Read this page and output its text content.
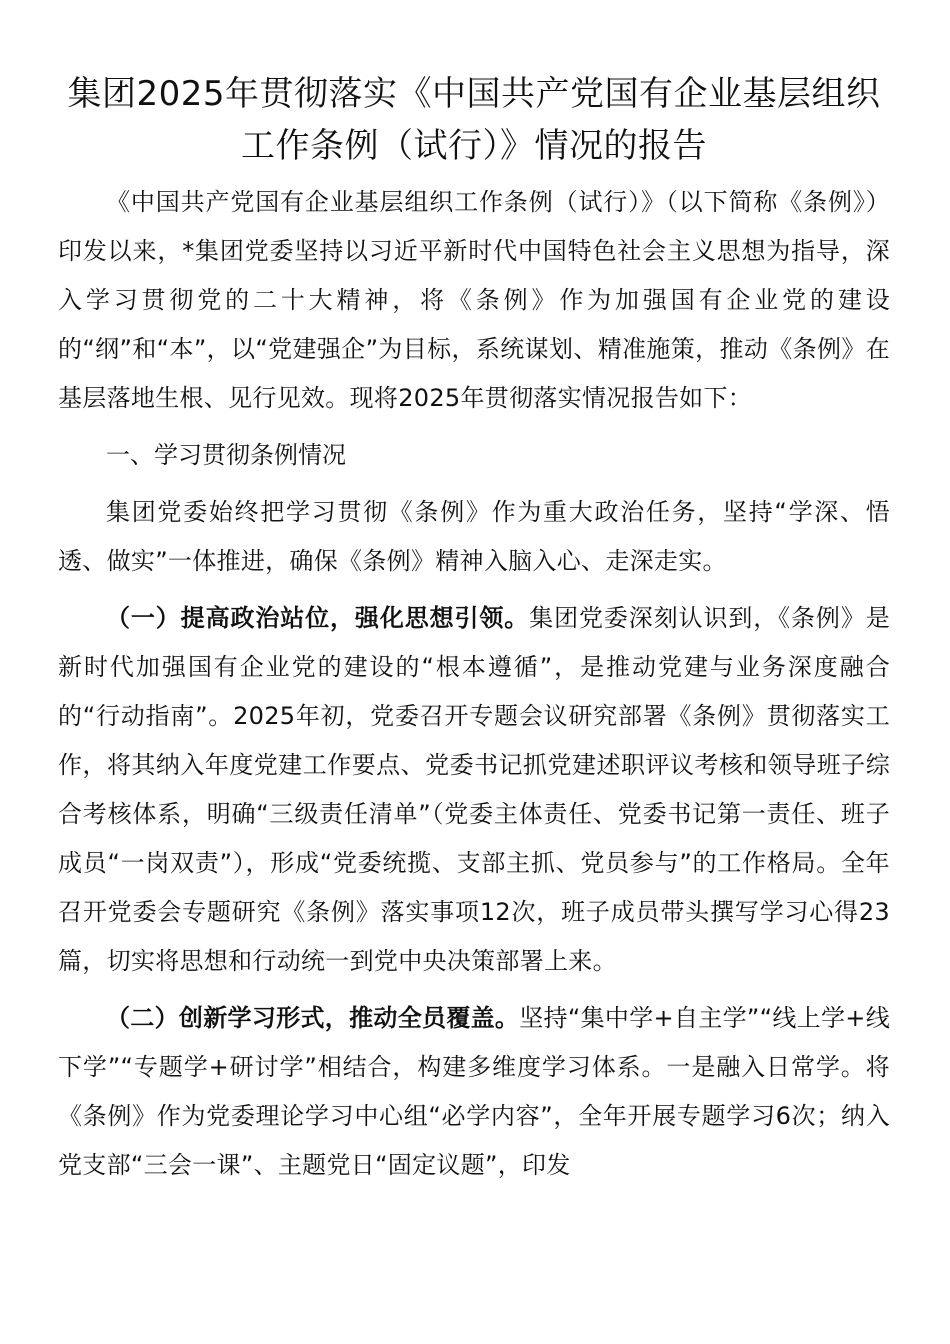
集团2025年贯彻落实《中国共产党国有企业基层组织工作条例（试行）》情况的报告

《中国共产党国有企业基层组织工作条例（试行）》（以下简称《条例》）印发以来，*集团党委坚持以习近平新时代中国特色社会主义思想为指导，深入学习贯彻党的二十大精神，将《条例》作为加强国有企业党的建设的“纲”和“本”，以“党建强企”为目标，系统谋划、精准施策，推动《条例》在基层落地生根、见行见效。现将2025年贯彻落实情况报告如下：

一、学习贯彻条例情况

集团党委始终把学习贯彻《条例》作为重大政治任务，坚持“学深、悟透、做实”一体推进，确保《条例》精神入脑入心、走深走实。

（一）提高政治站位，强化思想引领。集团党委深刻认识到，《条例》是新时代加强国有企业党的建设的“根本遵循”，是推动党建与业务深度融合的“行动指南”。2025年初，党委召开专题会议研究部署《条例》贯彻落实工作，将其纳入年度党建工作要点、党委书记抓党建述职评议考核和领导班子综合考核体系，明确“三级责任清单”（党委主体责任、党委书记第一责任、班子成员“一岗双责”），形成“党委统揽、支部主抓、党员参与”的工作格局。全年召开党委会专题研究《条例》落实事项12次，班子成员带头撰写学习心得23篇，切实将思想和行动统一到党中央决策部署上来。

（二）创新学习形式，推动全员覆盖。坚持“集中学+自主学”“线上学+线下学”“专题学+研讨学”相结合，构建多维度学习体系。一是融入日常学。将《条例》作为党委理论学习中心组“必学内容”，全年开展专题学习6次；纳入党支部“三会一课”、主题党日“固定议题”，印发
